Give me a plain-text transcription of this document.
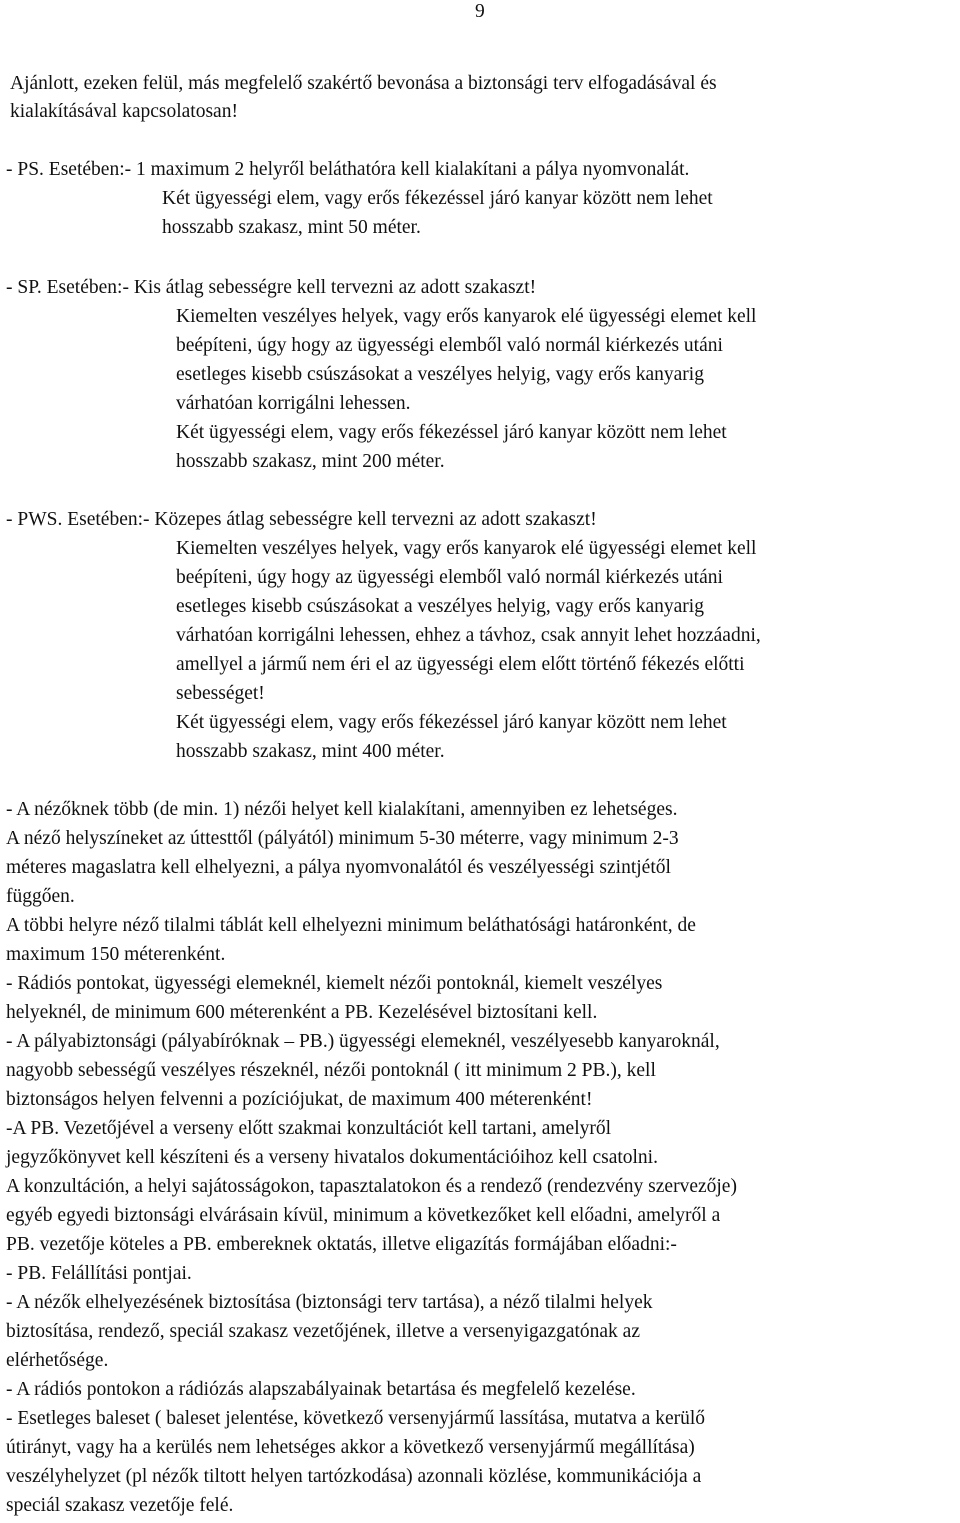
9
Ajánlott, ezeken felül, más megfelelő szakértő bevonása a biztonsági terv elfogadásával és
kialakításával kapcsolatosan!
- PS. Esetében:- 1 maximum 2 helyről beláthatóra kell kialakítani a pálya nyomvonalát.
Két ügyességi elem, vagy erős fékezéssel járó kanyar között nem lehet
hosszabb szakasz, mint 50 méter.
- SP. Esetében:- Kis átlag sebességre kell tervezni az adott szakaszt!
Kiemelten veszélyes helyek, vagy erős kanyarok elé ügyességi elemet kell
beépíteni, úgy hogy az ügyességi elemből való normál kiérkezés utáni
esetleges kisebb csúszásokat a veszélyes helyig, vagy erős kanyarig
várhatóan korrigálni lehessen.
Két ügyességi elem, vagy erős fékezéssel járó kanyar között nem lehet
hosszabb szakasz, mint 200 méter.
- PWS. Esetében:- Közepes átlag sebességre kell tervezni az adott szakaszt!
Kiemelten veszélyes helyek, vagy erős kanyarok elé ügyességi elemet kell
beépíteni, úgy hogy az ügyességi elemből való normál kiérkezés utáni
esetleges kisebb csúszásokat a veszélyes helyig, vagy erős kanyarig
várhatóan korrigálni lehessen, ehhez a távhoz, csak annyit lehet hozzáadni,
amellyel a jármű nem éri el az ügyességi elem előtt történő fékezés előtti
sebességet!
Két ügyességi elem, vagy erős fékezéssel járó kanyar között nem lehet
hosszabb szakasz, mint 400 méter.
- A nézőknek több (de min. 1) nézői helyet kell kialakítani, amennyiben ez lehetséges.
A néző helyszíneket az úttesttől (pályától) minimum 5-30 méterre, vagy minimum 2-3
méteres magaslatra kell elhelyezni, a pálya nyomvonalától és veszélyességi szintjétől
függően.
A többi helyre néző tilalmi táblát kell elhelyezni minimum beláthatósági határonként, de
maximum 150 méterenként.
- Rádiós pontokat, ügyességi elemeknél, kiemelt nézői pontoknál, kiemelt veszélyes
helyeknél, de minimum 600 méterenként a PB. Kezelésével biztosítani kell.
- A pályabiztonsági (pályabíróknak – PB.) ügyességi elemeknél, veszélyesebb kanyaroknál,
nagyobb sebességű veszélyes részeknél, nézői pontoknál ( itt minimum 2 PB.), kell
biztonságos helyen felvenni a pozíciójukat, de maximum 400 méterenként!
-A PB. Vezetőjével a verseny előtt szakmai konzultációt kell tartani, amelyről
jegyzőkönyvet kell készíteni és a verseny hivatalos dokumentációihoz kell csatolni.
A konzultáción, a helyi sajátosságokon, tapasztalatokon és a rendező (rendezvény szervezője)
egyéb egyedi biztonsági elvárásain kívül, minimum a következőket kell előadni, amelyről a
PB. vezetője köteles a PB. embereknek oktatás, illetve eligazítás formájában előadni:-
- PB. Felállítási pontjai.
- A nézők elhelyezésének biztosítása (biztonsági terv tartása), a néző tilalmi helyek
biztosítása, rendező, speciál szakasz vezetőjének, illetve a versenyigazgatónak az
elérhetősége.
- A rádiós pontokon a rádiózás alapszabályainak betartása és megfelelő kezelése.
- Esetleges baleset ( baleset jelentése, következő versenyjármű lassítása, mutatva a kerülő
útirányt, vagy ha a kerülés nem lehetséges akkor a következő versenyjármű megállítása)
veszélyhelyzet (pl nézők tiltott helyen tartózkodása) azonnali közlése, kommunikációja a
speciál szakasz vezetője felé.
